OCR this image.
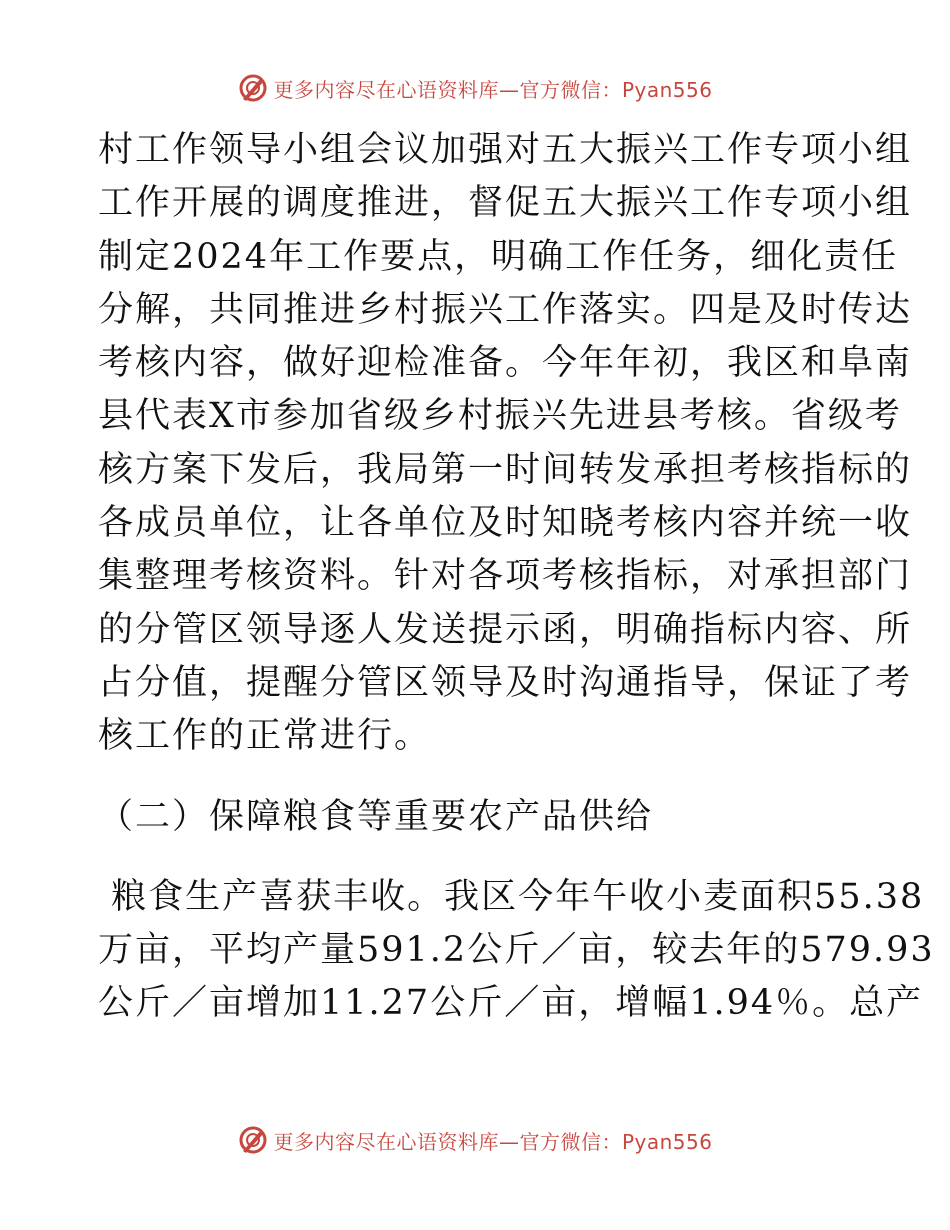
更多内容尽在心语资料库—官方微信：Pyan556
村工作领导小组会议加强对五大振兴工作专项小组
工作开展的调度推进，督促五大振兴工作专项小组
制定2024年工作要点，明确工作任务，细化责任
分解，共同推进乡村振兴工作落实。四是及时传达
考核内容，做好迎检准备。今年年初，我区和阜南
县代表X市参加省级乡村振兴先进县考核。省级考
核方案下发后，我局第一时间转发承担考核指标的
各成员单位，让各单位及时知晓考核内容并统一收
集整理考核资料。针对各项考核指标，对承担部门
的分管区领导逐人发送提示函，明确指标内容、所
占分值，提醒分管区领导及时沟通指导，保证了考
核工作的正常进行。
（二）保障粮食等重要农产品供给
粮食生产喜获丰收。我区今年午收小麦面积55.38
万亩，平均产量591.2公斤／亩，较去年的579.93
公斤／亩增加11.27公斤／亩，增幅1.94％。总产
更多内容尽在心语资料库—官方微信：Pyan556
